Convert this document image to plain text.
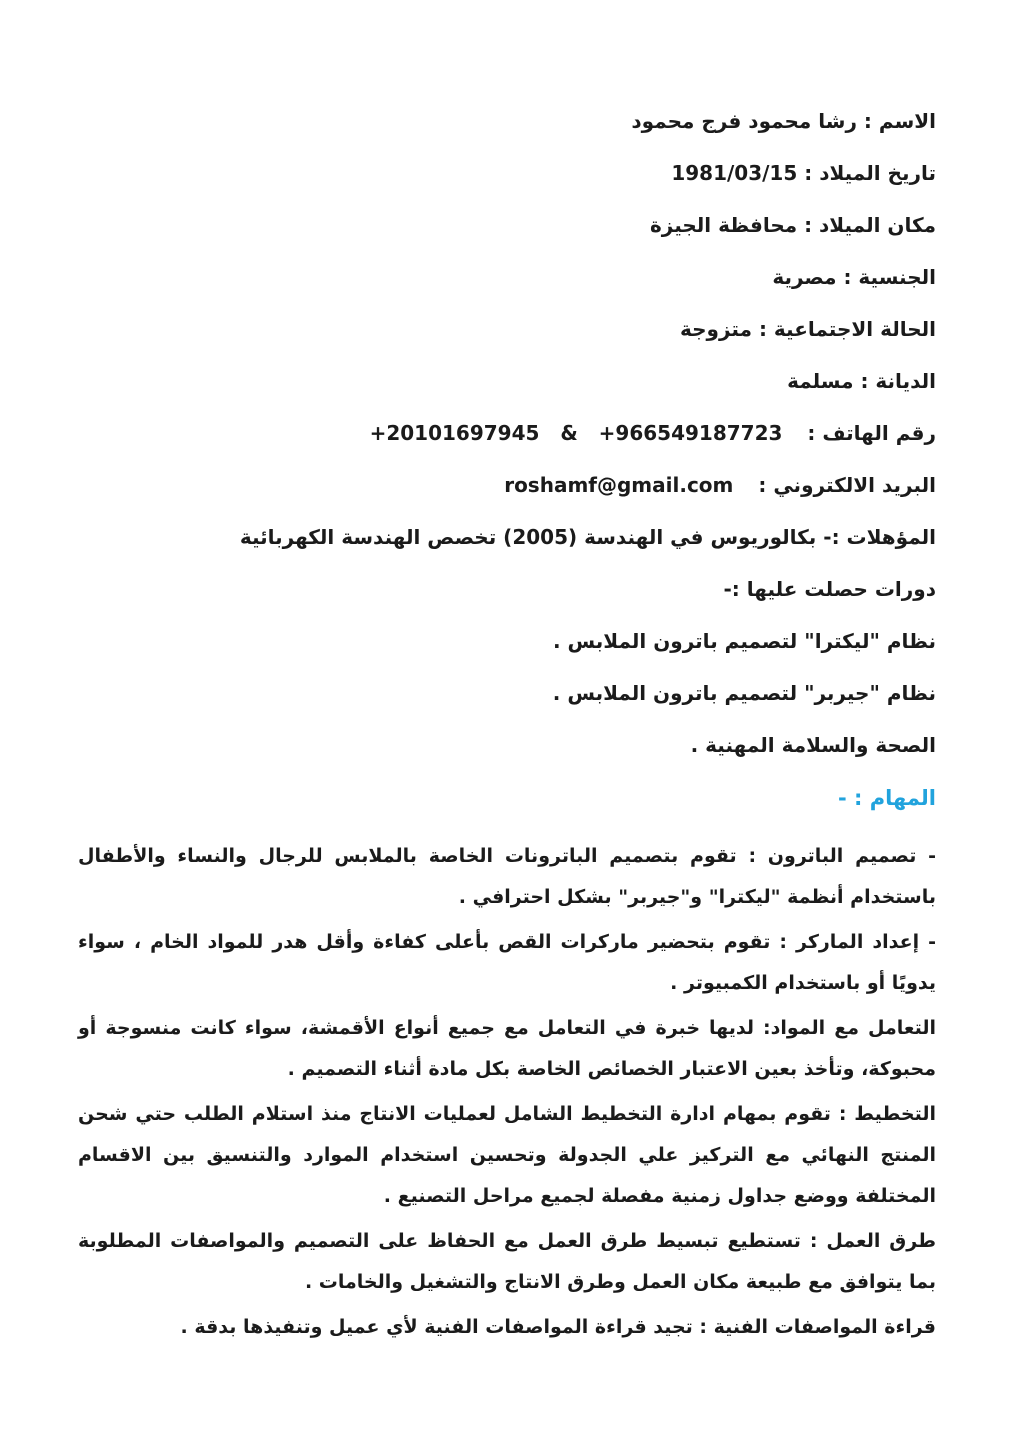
الاسم : رشا محمود فرج محمود
تاريخ الميلاد : 1981/03/15
مكان الميلاد : محافظة الجيزة
الجنسية : مصرية
الحالة الاجتماعية : متزوجة
الديانة : مسلمة
رقم الهاتف : +20101697945   &   +966549187723
البريد الالكتروني : roshamf@gmail.com
المؤهلات :- بكالوريوس في الهندسة (2005) تخصص الهندسة الكهربائية
دورات حصلت عليها :-
نظام "ليكترا" لتصميم باترون الملابس .
نظام "جيربر" لتصميم باترون الملابس .
الصحة والسلامة المهنية .
المهام : -

- تصميم الباترون : تقوم بتصميم الباترونات الخاصة بالملابس للرجال والنساء والأطفال باستخدام أنظمة "ليكترا" و"جيربر" بشكل احترافي .

- إعداد الماركر : تقوم بتحضير ماركرات القص بأعلى كفاءة وأقل هدر للمواد الخام ، سواء يدويًا أو باستخدام الكمبيوتر .

التعامل مع المواد: لديها خبرة في التعامل مع جميع أنواع الأقمشة، سواء كانت منسوجة أو محبوكة، وتأخذ بعين الاعتبار الخصائص الخاصة بكل مادة أثناء التصميم .

التخطيط : تقوم بمهام ادارة التخطيط الشامل لعمليات الانتاج منذ استلام الطلب حتي شحن المنتج النهائي مع التركيز علي الجدولة وتحسين استخدام الموارد والتنسيق بين الاقسام المختلفة ووضع جداول زمنية مفصلة لجميع مراحل التصنيع .

طرق العمل : تستطيع تبسيط طرق العمل مع الحفاظ على التصميم والمواصفات المطلوبة بما يتوافق مع طبيعة مكان العمل وطرق الانتاج والتشغيل والخامات .

قراءة المواصفات الفنية : تجيد قراءة المواصفات الفنية لأي عميل وتنفيذها بدقة .
